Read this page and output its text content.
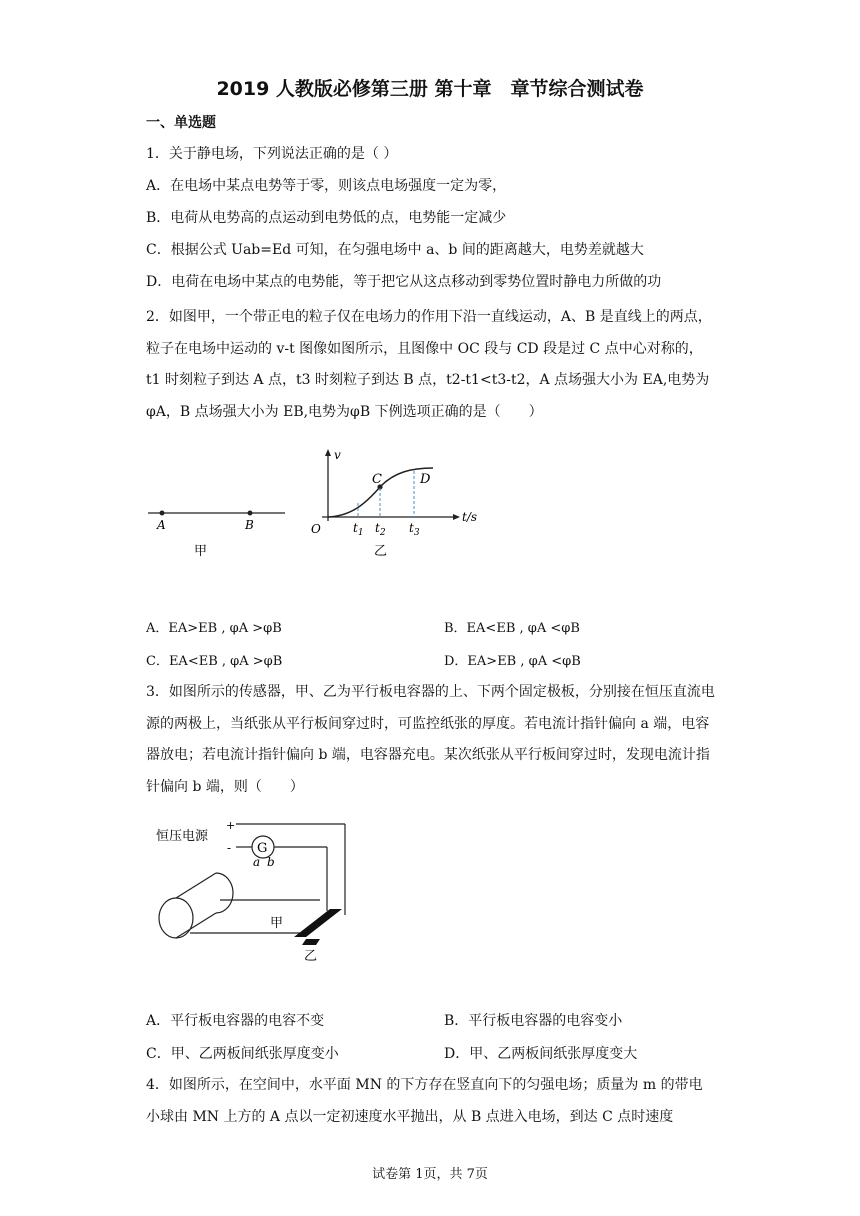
2019 人教版必修第三册 第十章　章节综合测试卷
一、单选题
1．关于静电场，下列说法正确的是（ ）
A．在电场中某点电势等于零，则该点电场强度一定为零，
B．电荷从电势高的点运动到电势低的点，电势能一定减少
C．根据公式 Uab=Ed 可知，在匀强电场中 a、b 间的距离越大，电势差就越大
D．电荷在电场中某点的电势能，等于把它从这点移动到零势位置时静电力所做的功
2．如图甲，一个带正电的粒子仅在电场力的作用下沿一直线运动，A、B 是直线上的两点，粒子在电场中运动的 v-t 图像如图所示，且图像中 OC 段与 CD 段是过 C 点中心对称的，t1 时刻粒子到达 A 点，t3 时刻粒子到达 B 点，t2-t1<t3-t2，A 点场强大小为 EA,电势为φA，B 点场强大小为 EB,电势为φB 下例选项正确的是（　　）
A	B
甲
v
t/s
O
C	D
$t_1$ $t_2$ $t_3$
乙
A．EA>EB , φA >φB	B．EA<EB , φA <φB
C．EA<EB , φA >φB	D．EA>EB , φA <φB
3．如图所示的传感器，甲、乙为平行板电容器的上、下两个固定极板，分别接在恒压直流电源的两极上，当纸张从平行板间穿过时，可监控纸张的厚度。若电流计指针偏向 a 端，电容器放电；若电流计指针偏向 b 端，电容器充电。某次纸张从平行板间穿过时，发现电流计指针偏向 b 端，则（　　）
恒压电源
+
- G
a b
甲
乙
A．平行板电容器的电容不变	B．平行板电容器的电容变小
C．甲、乙两板间纸张厚度变小	D．甲、乙两板间纸张厚度变大
4．如图所示，在空间中，水平面 MN 的下方存在竖直向下的匀强电场；质量为 m 的带电小球由 MN 上方的 A 点以一定初速度水平抛出，从 B 点进入电场，到达 C 点时速度
试卷第 1页，共 7页
